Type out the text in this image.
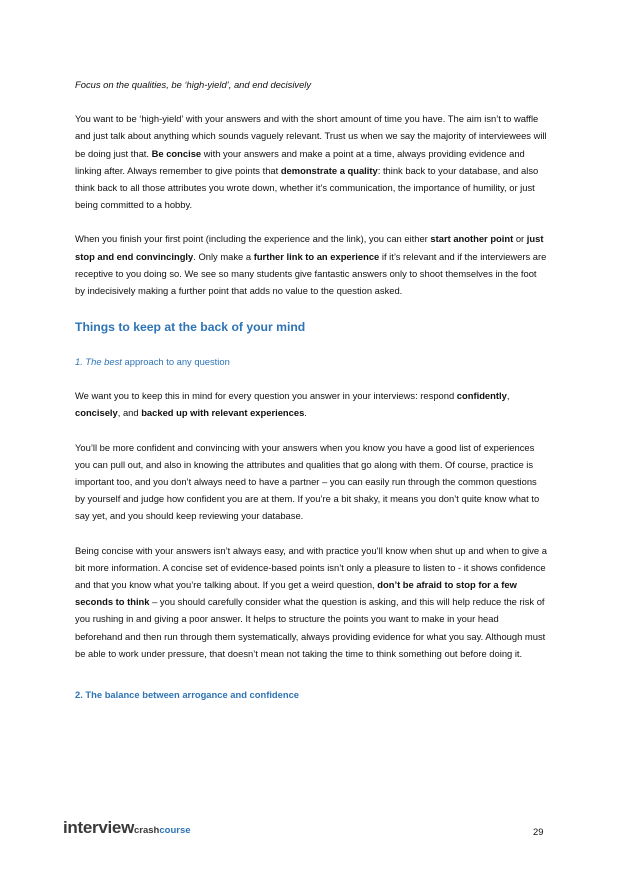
Focus on the qualities, be ‘high-yield’, and end decisively

You want to be ‘high-yield’ with your answers and with the short amount of time you have. The aim isn’t to waffle and just talk about anything which sounds vaguely relevant. Trust us when we say the majority of interviewees will be doing just that. Be concise with your answers and make a point at a time, always providing evidence and linking after. Always remember to give points that demonstrate a quality: think back to your database, and also think back to all those attributes you wrote down, whether it’s communication, the importance of humility, or just being committed to a hobby.

When you finish your first point (including the experience and the link), you can either start another point or just stop and end convincingly. Only make a further link to an experience if it’s relevant and if the interviewers are receptive to you doing so. We see so many students give fantastic answers only to shoot themselves in the foot by indecisively making a further point that adds no value to the question asked.

Things to keep at the back of your mind
1. The best approach to any question

We want you to keep this in mind for every question you answer in your interviews: respond confidently, concisely, and backed up with relevant experiences.

You’ll be more confident and convincing with your answers when you know you have a good list of experiences you can pull out, and also in knowing the attributes and qualities that go along with them. Of course, practice is important too, and you don’t always need to have a partner – you can easily run through the common questions by yourself and judge how confident you are at them. If you’re a bit shaky, it means you don’t quite know what to say yet, and you should keep reviewing your database.

Being concise with your answers isn’t always easy, and with practice you’ll know when shut up and when to give a bit more information. A concise set of evidence-based points isn’t only a pleasure to listen to - it shows confidence and that you know what you’re talking about. If you get a weird question, don’t be afraid to stop for a few seconds to think – you should carefully consider what the question is asking, and this will help reduce the risk of you rushing in and giving a poor answer. It helps to structure the points you want to make in your head beforehand and then run through them systematically, always providing evidence for what you say. Although must be able to work under pressure, that doesn’t mean not taking the time to think something out before doing it.

2. The balance between arrogance and confidence
interviewcrashcourse	29
